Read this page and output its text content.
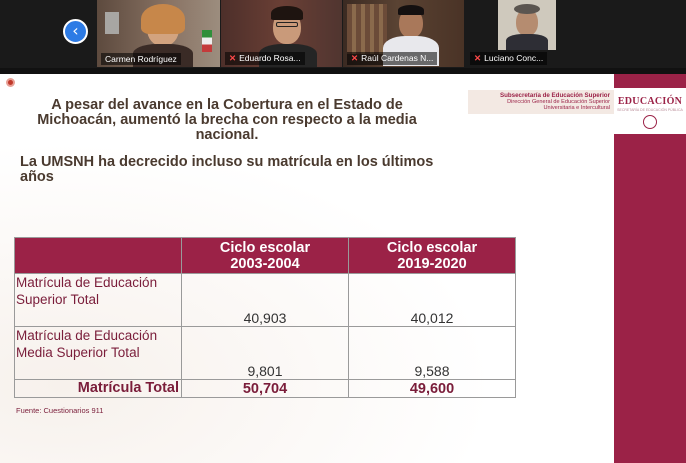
‹
Carmen Rodríguez	✕ Eduardo Rosa...	✕ Raúl Cardenas N...	✕ Luciano Conc...
EDUCACIÓN
SECRETARÍA DE EDUCACIÓN PÚBLICA
Subsecretaría de Educación Superior
Dirección General de Educación Superior
Universitaria e Intercultural
A pesar del avance en la Cobertura en el Estado de Michoacán, aumentó la brecha con respecto a la media nacional.
La UMSNH ha decrecido incluso su matrícula en los últimos años
	Ciclo escolar 2003-2004	Ciclo escolar 2019-2020
Matrícula de Educación Superior Total	40,903	40,012
Matrícula de Educación Media Superior Total	9,801	9,588
Matrícula Total	50,704	49,600
Fuente: Cuestionarios 911
